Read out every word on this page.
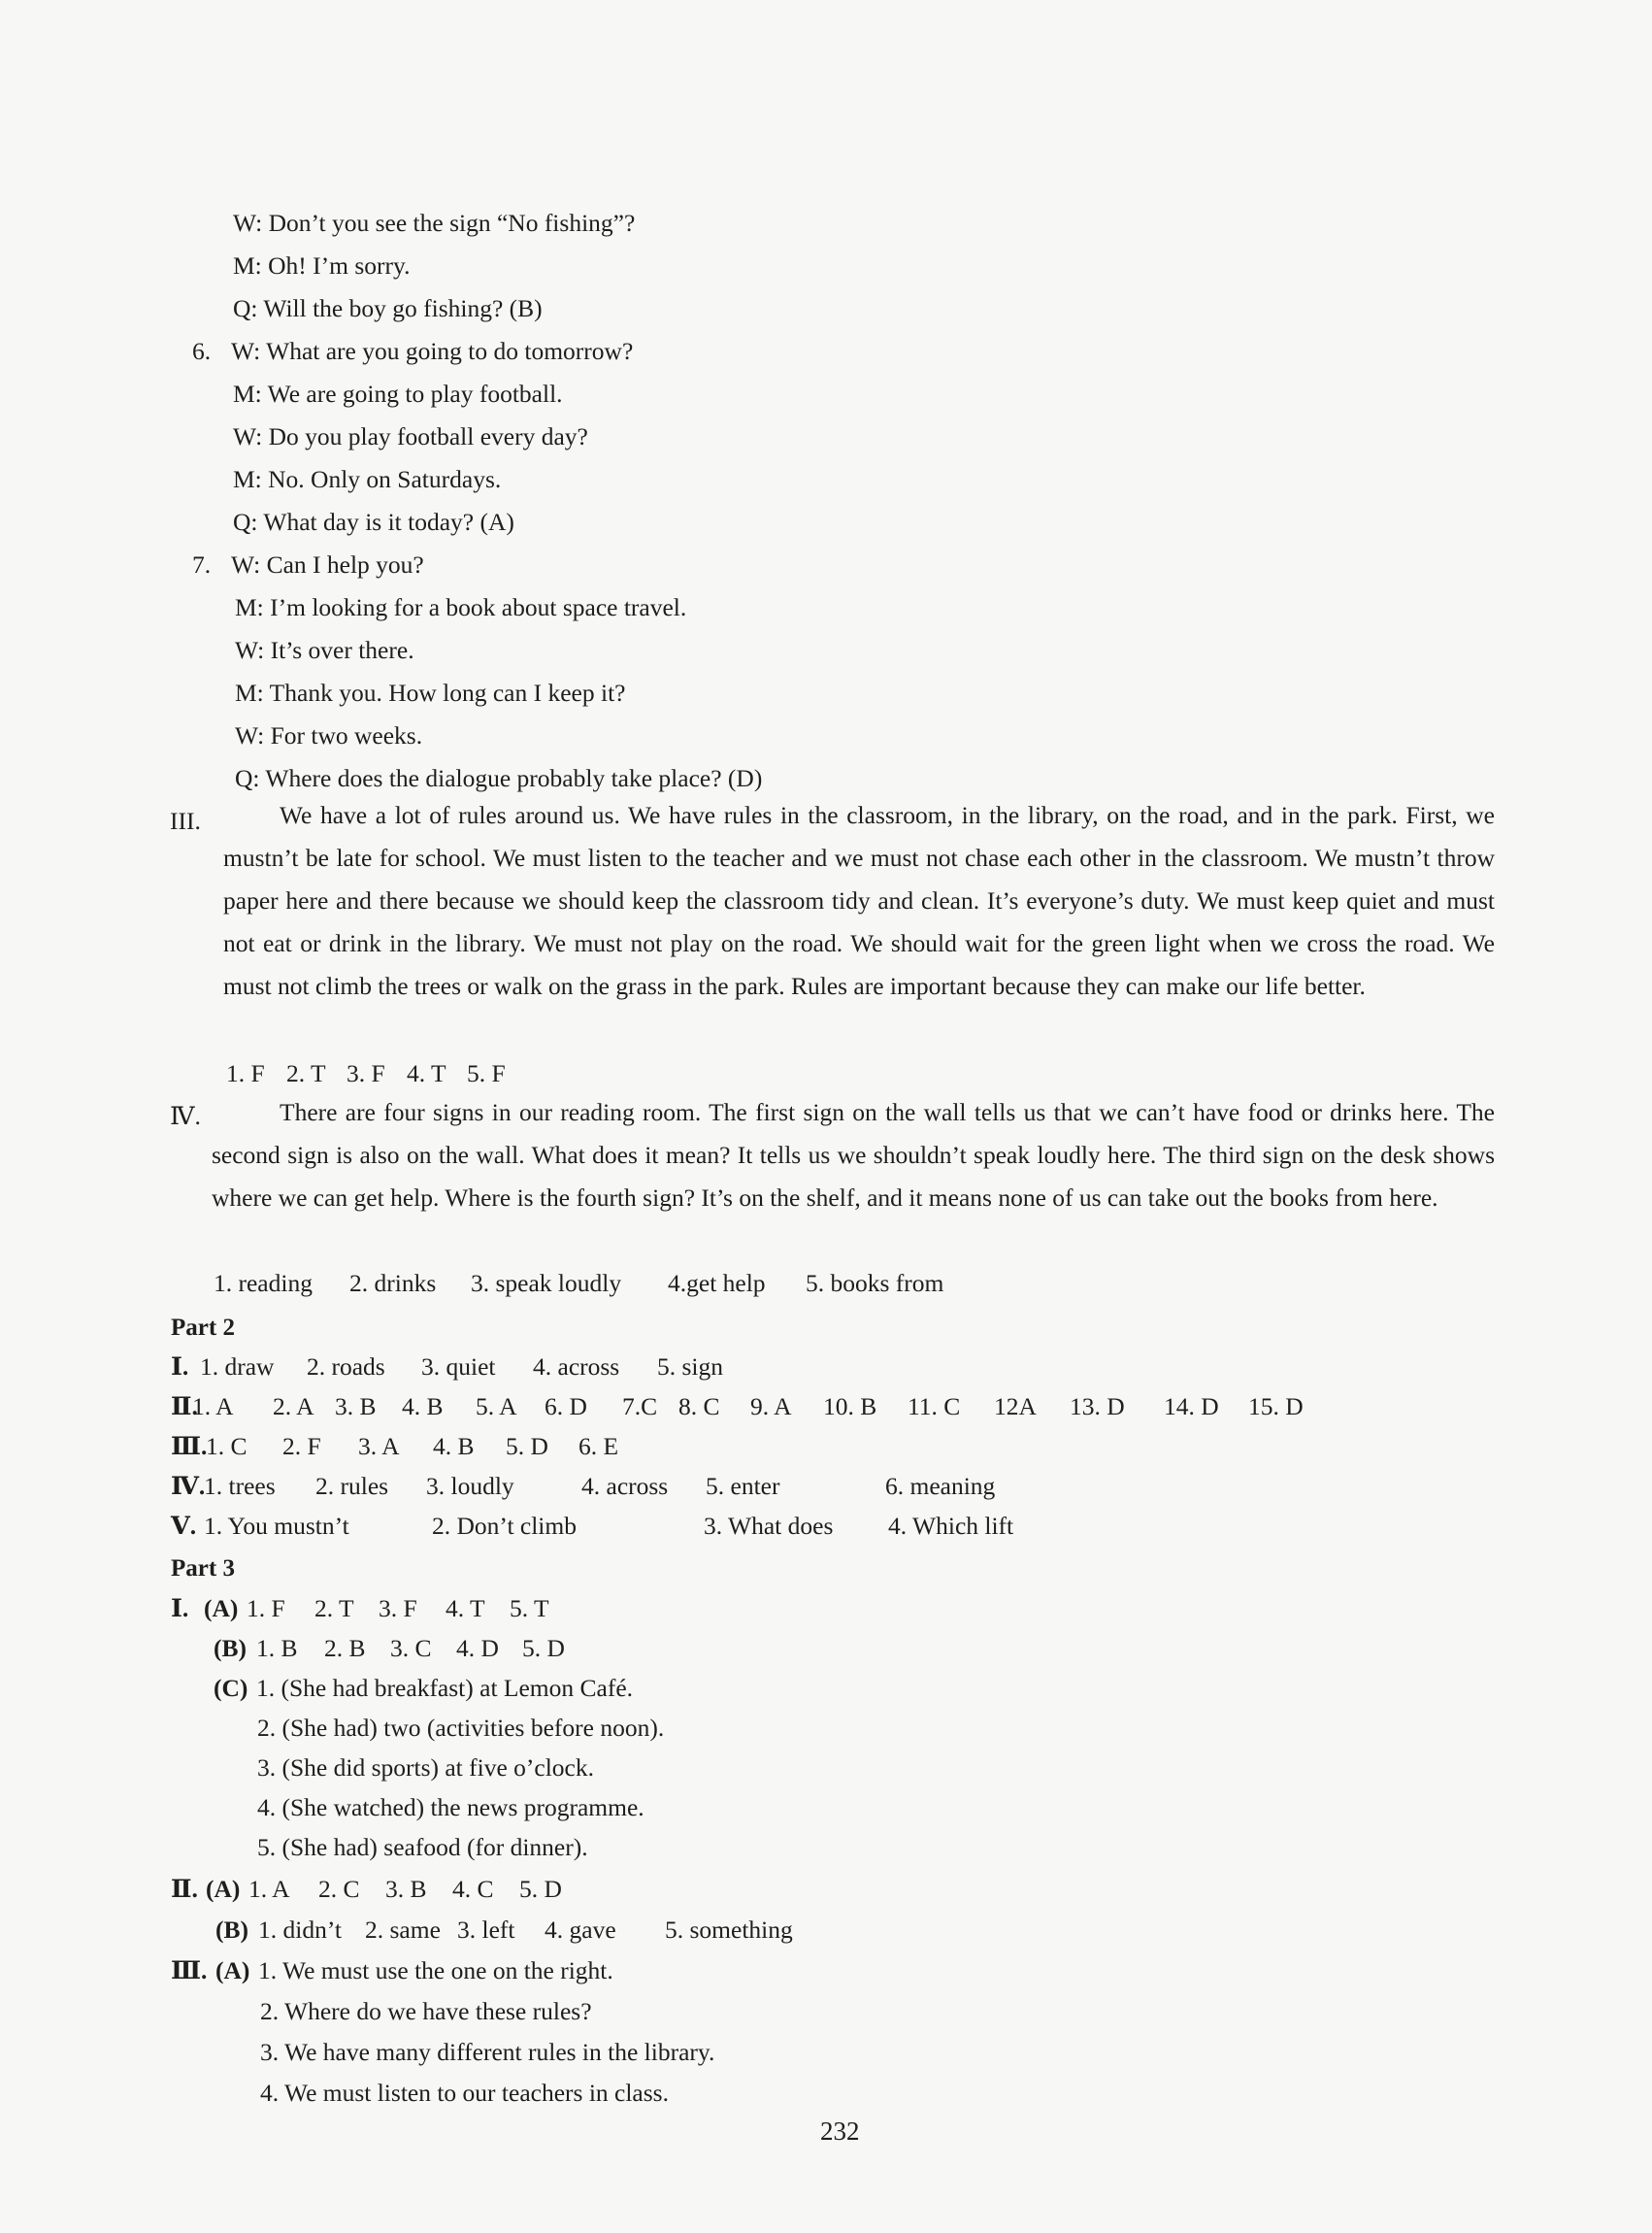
W: Don’t you see the sign “No fishing”?
M: Oh! I’m sorry.
Q: Will the boy go fishing? (B)
6. W: What are you going to do tomorrow?
M: We are going to play football.
W: Do you play football every day?
M: No. Only on Saturdays.
Q: What day is it today? (A)
7. W: Can I help you?
M: I’m looking for a book about space travel.
W: It’s over there.
M: Thank you. How long can I keep it?
W: For two weeks.
Q: Where does the dialogue probably take place? (D)
III.	We have a lot of rules around us. We have rules in the classroom, in the library, on the road, and in the park. First, we mustn’t be late for school. We must listen to the teacher and we must not chase each other in the classroom. We mustn’t throw paper here and there because we should keep the classroom tidy and clean. It’s everyone’s duty. We must keep quiet and must not eat or drink in the library. We must not play on the road. We should wait for the green light when we cross the road. We must not climb the trees or walk on the grass in the park. Rules are important because they can make our life better.
1. F 2. T 3. F 4. T 5. F
Ⅳ.	There are four signs in our reading room. The first sign on the wall tells us that we can’t have food or drinks here. The second sign is also on the wall. What does it mean? It tells us we shouldn’t speak loudly here. The third sign on the desk shows where we can get help. Where is the fourth sign? It’s on the shelf, and it means none of us can take out the books from here.
1. reading	2. drinks	3. speak loudly	4.get help	5. books from
Part 2
Ⅰ. 1. draw	2. roads	3. quiet	4. across	5. sign
Ⅱ.
1. A	2. A 3. B	4. B	5. A	6. D	7.C 8. C	9. A	10. B	11. C	12A	13. D	14. D	15. D
Ⅲ.
1. C	2. F	3. A	4. B	5. D	6. E
Ⅳ.
1. trees	2. rules	3. loudly	4. across	5. enter	6. meaning
Ⅴ. 1. You mustn’t	2. Don’t climb	3. What does	4. Which lift
Part 3
Ⅰ. (A) 1. F	2. T 3. F	4. T 5. T
(B) 1. B	2. B 3. C 4. D 5. D
(C) 1. (She had breakfast) at Lemon Café.
2. (She had) two (activities before noon).
3. (She did sports) at five o’clock.
4. (She watched) the news programme.
5. (She had) seafood (for dinner).
Ⅱ. (A) 1. A	2. C	3. B	4. C	5. D
(B) 1. didn’t 2. same 3. left	4. gave	5. something
Ⅲ. (A) 1. We must use the one on the right.
2. Where do we have these rules?
3. We have many different rules in the library.
4. We must listen to our teachers in class.
232
